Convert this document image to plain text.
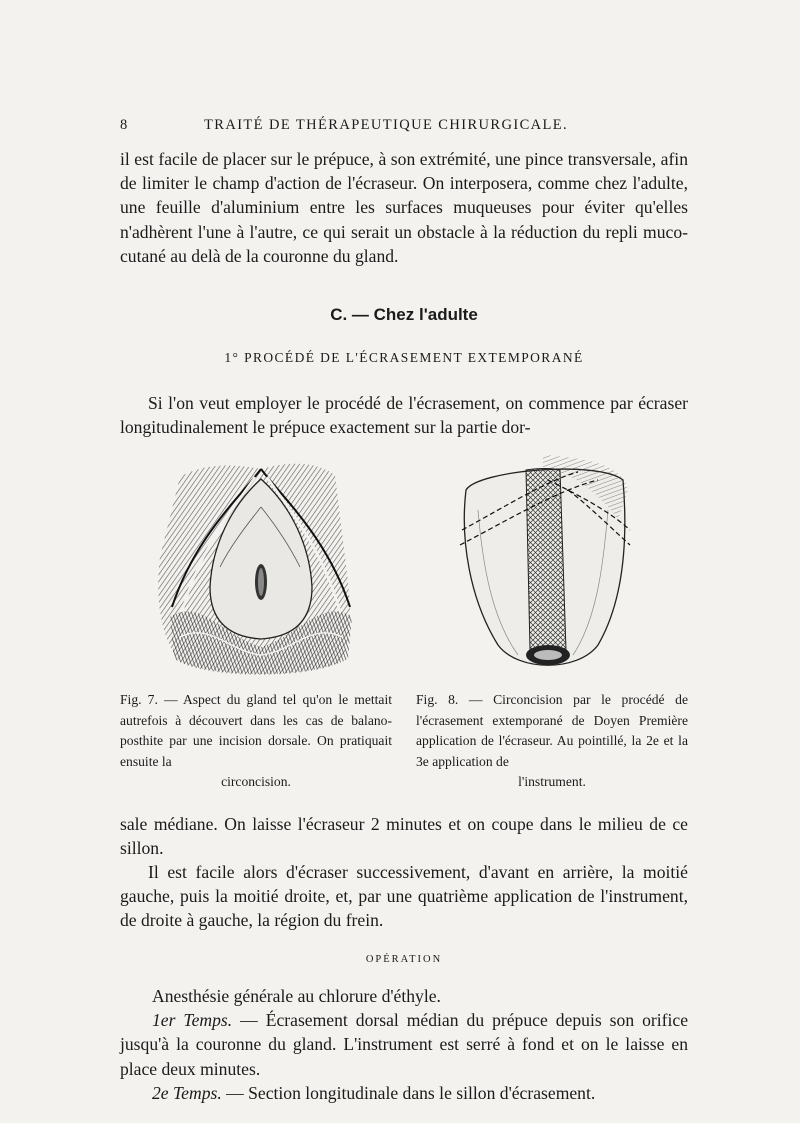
8	TRAITÉ DE THÉRAPEUTIQUE CHIRURGICALE.

il est facile de placer sur le prépuce, à son extrémité, une pince transversale, afin de limiter le champ d'action de l'écraseur. On interposera, comme chez l'adulte, une feuille d'aluminium entre les surfaces muqueuses pour éviter qu'elles n'adhèrent l'une à l'autre, ce qui serait un obstacle à la réduction du repli muco-cutané au delà de la couronne du gland.

C. — Chez l'adulte
1° PROCÉDÉ DE L'ÉCRASEMENT EXTEMPORANÉ

Si l'on veut employer le procédé de l'écrasement, on commence par écraser longitudinalement le prépuce exactement sur la partie dor-

Fig. 7. — Aspect du gland tel qu'on le mettait autrefois à découvert dans les cas de balano-posthite par une incision dorsale. On pratiquait ensuite la
circoncision.

Fig. 8. — Circoncision par le procédé de l'écrasement extemporané de Doyen Première application de l'écraseur. Au pointillé, la 2e et la 3e application de
l'instrument.

sale médiane. On laisse l'écraseur 2 minutes et on coupe dans le milieu de ce sillon.

Il est facile alors d'écraser successivement, d'avant en arrière, la moitié gauche, puis la moitié droite, et, par une quatrième application de l'instrument, de droite à gauche, la région du frein.

OPÉRATION
Anesthésie générale au chlorure d'éthyle.
1er Temps. — Écrasement dorsal médian du prépuce depuis son orifice jusqu'à la couronne du gland. L'instrument est serré à fond et on le laisse en place deux minutes.
2e Temps. — Section longitudinale dans le sillon d'écrasement.
